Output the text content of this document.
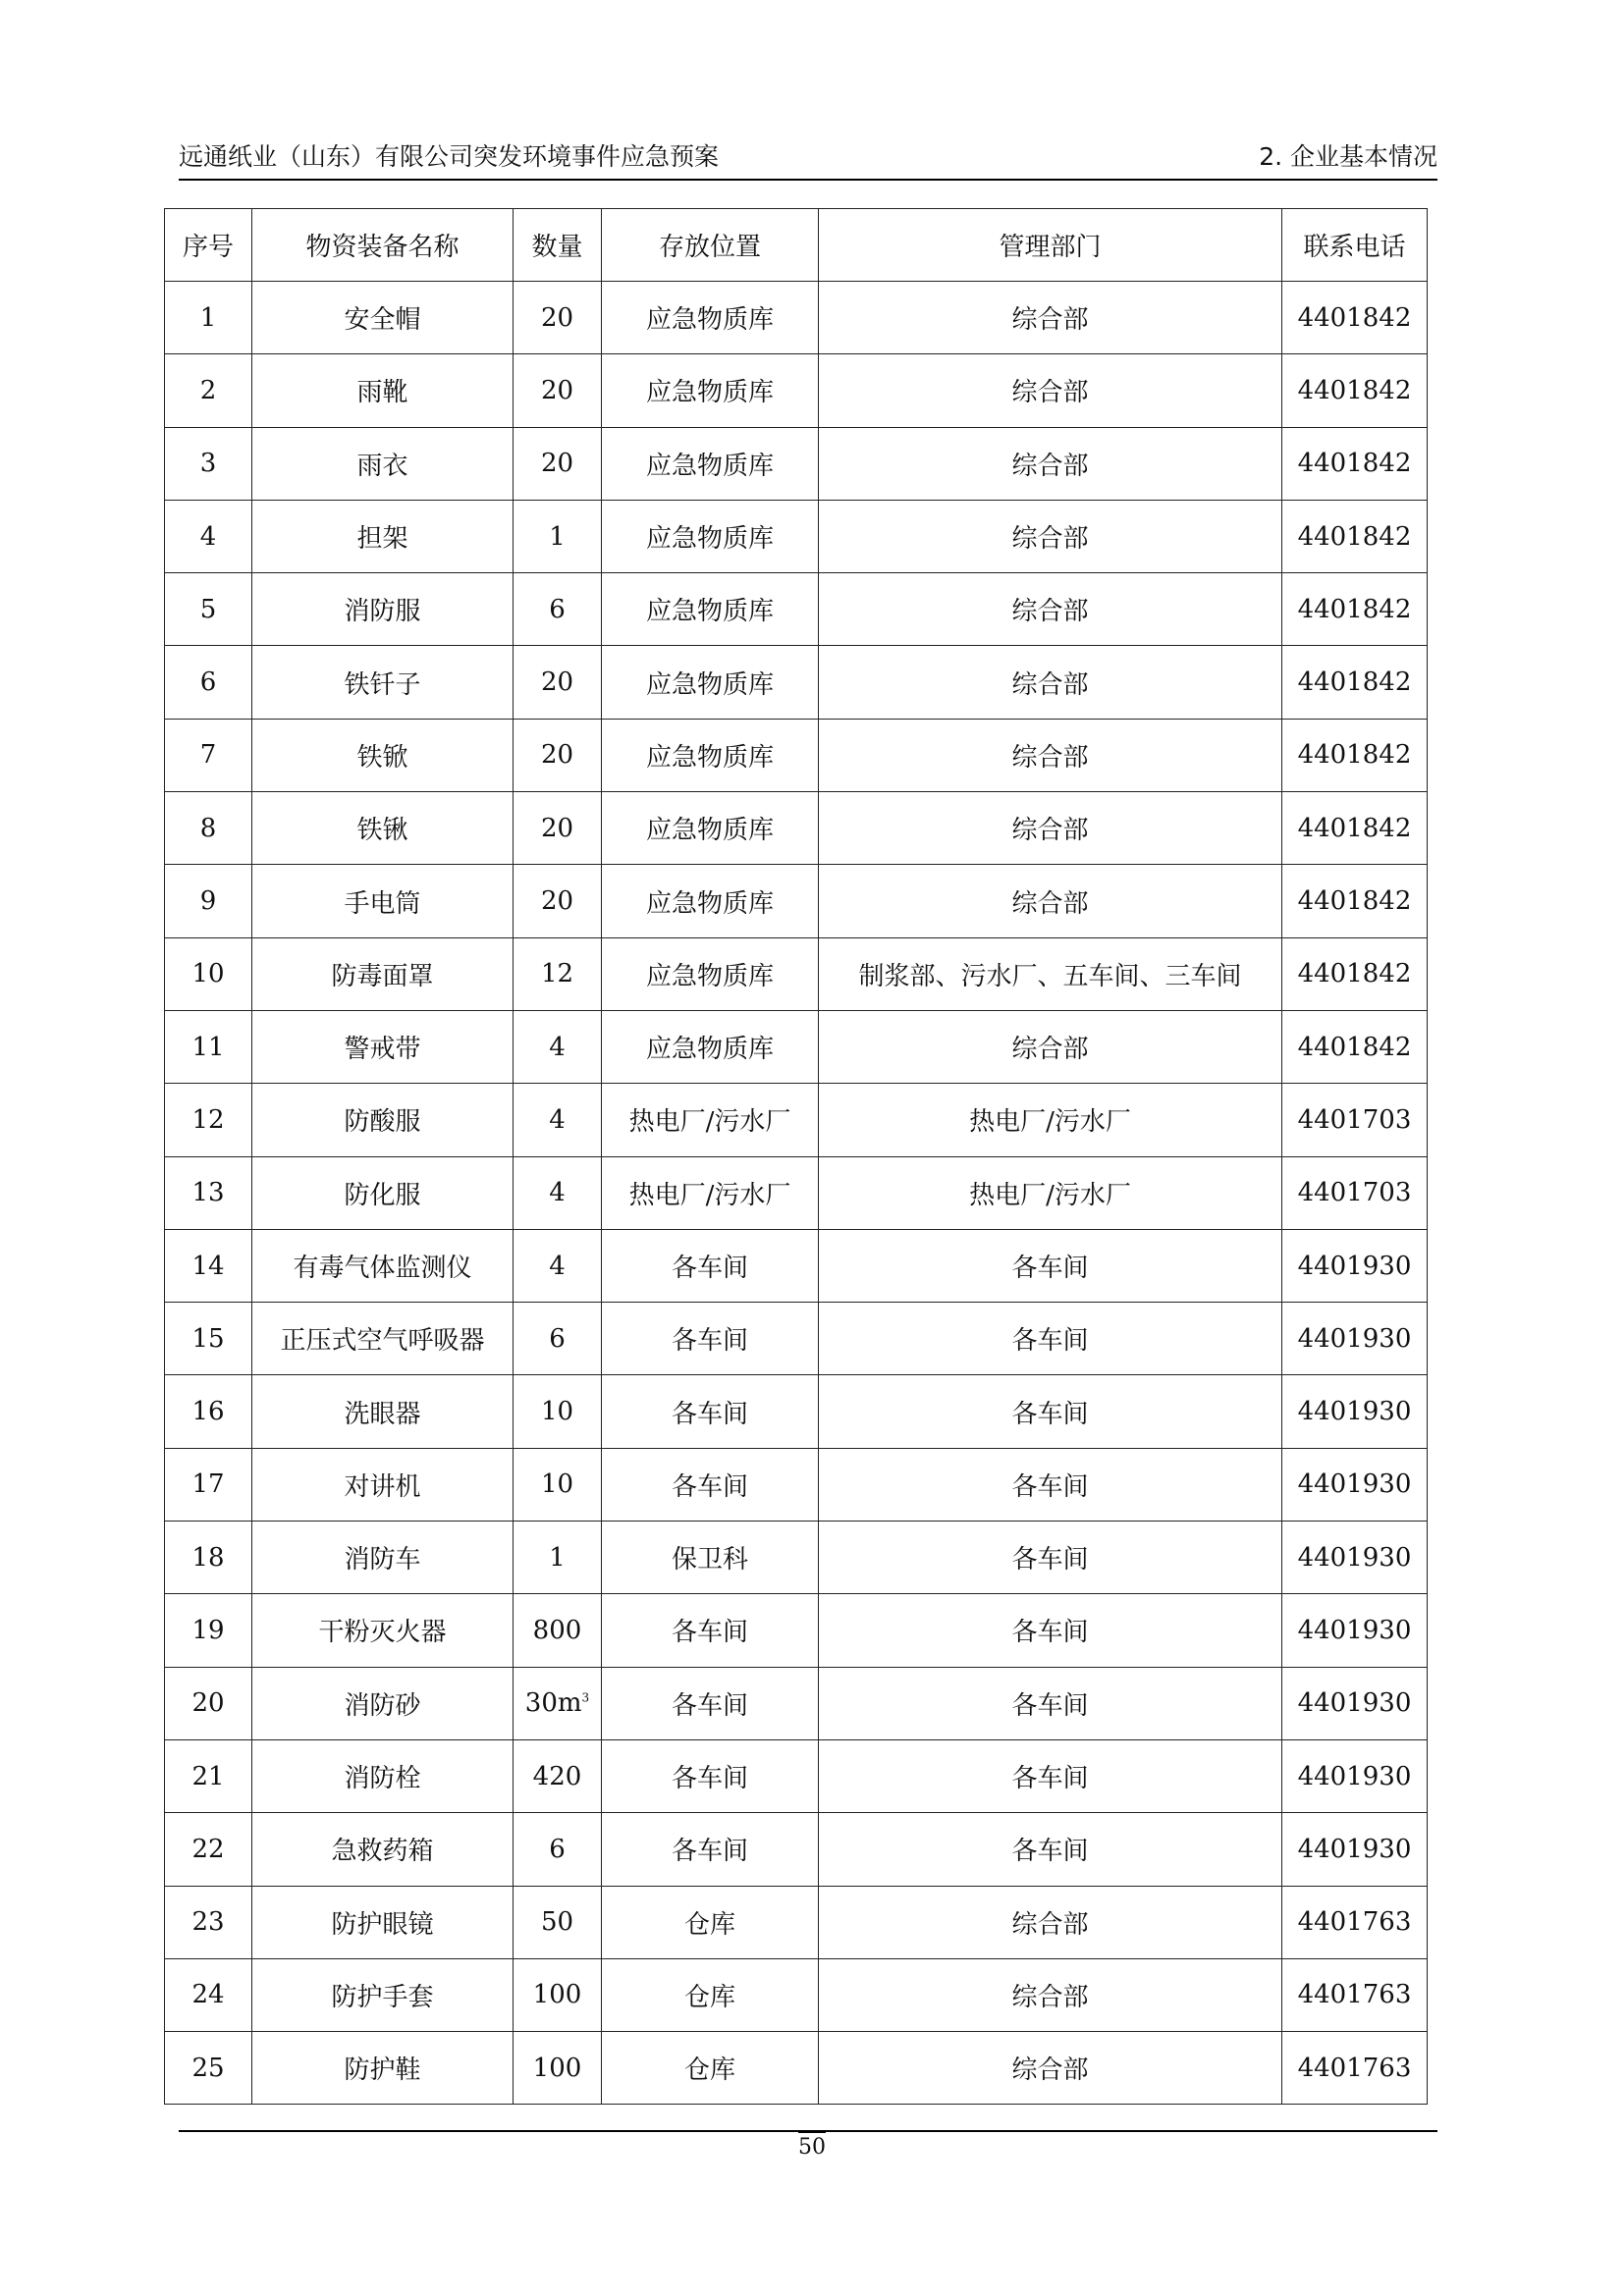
远通纸业（山东）有限公司突发环境事件应急预案	2. 企业基本情况
序号	物资装备名称	数量	存放位置	管理部门	联系电话
1	安全帽	20	应急物质库	综合部	4401842
2	雨靴	20	应急物质库	综合部	4401842
3	雨衣	20	应急物质库	综合部	4401842
4	担架	1	应急物质库	综合部	4401842
5	消防服	6	应急物质库	综合部	4401842
6	铁钎子	20	应急物质库	综合部	4401842
7	铁锨	20	应急物质库	综合部	4401842
8	铁锹	20	应急物质库	综合部	4401842
9	手电筒	20	应急物质库	综合部	4401842
10	防毒面罩	12	应急物质库	制浆部、污水厂、五车间、三车间	4401842
11	警戒带	4	应急物质库	综合部	4401842
12	防酸服	4	热电厂/污水厂	热电厂/污水厂	4401703
13	防化服	4	热电厂/污水厂	热电厂/污水厂	4401703
14	有毒气体监测仪	4	各车间	各车间	4401930
15	正压式空气呼吸器	6	各车间	各车间	4401930
16	洗眼器	10	各车间	各车间	4401930
17	对讲机	10	各车间	各车间	4401930
18	消防车	1	保卫科	各车间	4401930
19	干粉灭火器	800	各车间	各车间	4401930
20	消防砂	$30m^3$	各车间	各车间	4401930
21	消防栓	420	各车间	各车间	4401930
22	急救药箱	6	各车间	各车间	4401930
23	防护眼镜	50	仓库	综合部	4401763
24	防护手套	100	仓库	综合部	4401763
25	防护鞋	100	仓库	综合部	4401763
50
